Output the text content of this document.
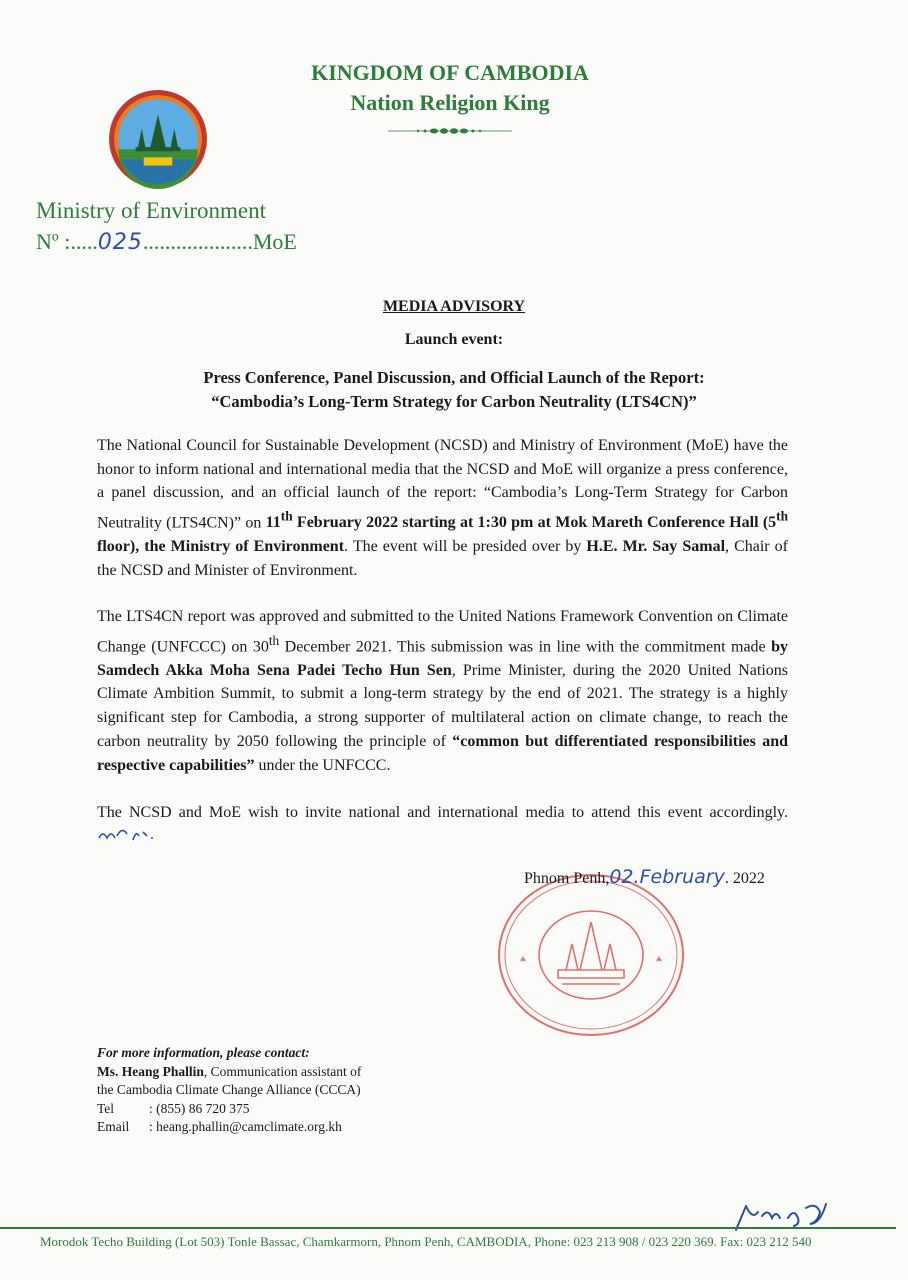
KINGDOM OF CAMBODIA
Nation Religion King
Ministry of Environment
Nº :.....025....................MoE
MEDIA ADVISORY
Launch event:
Press Conference, Panel Discussion, and Official Launch of the Report:
“Cambodia’s Long-Term Strategy for Carbon Neutrality (LTS4CN)”
The National Council for Sustainable Development (NCSD) and Ministry of Environment (MoE) have the honor to inform national and international media that the NCSD and MoE will organize a press conference, a panel discussion, and an official launch of the report: “Cambodia’s Long-Term Strategy for Carbon Neutrality (LTS4CN)” on 11th February 2022 starting at 1:30 pm at Mok Mareth Conference Hall (5th floor), the Ministry of Environment. The event will be presided over by H.E. Mr. Say Samal, Chair of the NCSD and Minister of Environment.
The LTS4CN report was approved and submitted to the United Nations Framework Convention on Climate Change (UNFCCC) on 30th December 2021. This submission was in line with the commitment made by Samdech Akka Moha Sena Padei Techo Hun Sen, Prime Minister, during the 2020 United Nations Climate Ambition Summit, to submit a long-term strategy by the end of 2021. The strategy is a highly significant step for Cambodia, a strong supporter of multilateral action on climate change, to reach the carbon neutrality by 2050 following the principle of “common but differentiated responsibilities and respective capabilities” under the UNFCCC.
The NCSD and MoE wish to invite national and international media to attend this event accordingly.
Phnom Penh,02.February. 2022
For more information, please contact:
Ms. Heang Phallin, Communication assistant of
the Cambodia Climate Change Alliance (CCCA)
Tel	: (855) 86 720 375
Email : heang.phallin@camclimate.org.kh
Morodok Techo Building (Lot 503) Tonle Bassac, Chamkarmorn, Phnom Penh, CAMBODIA, Phone: 023 213 908 / 023 220 369. Fax: 023 212 540
